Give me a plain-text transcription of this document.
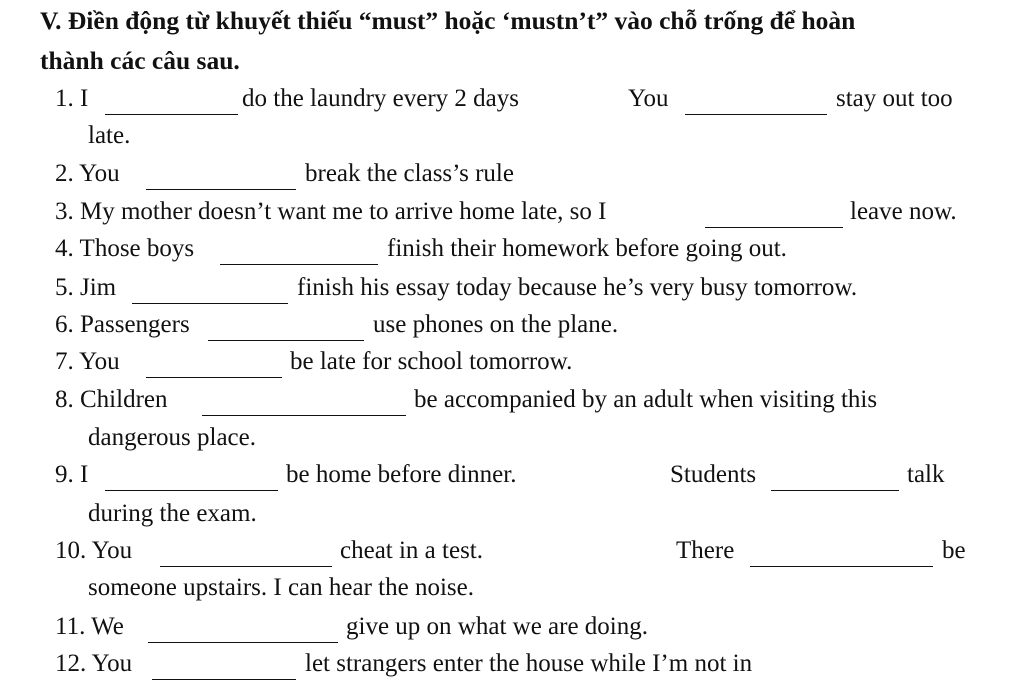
V. Điền động từ khuyết thiếu “must” hoặc ‘mustn’t” vào chỗ trống để hoàn
thành các câu sau.
1. I	do the laundry every 2 days	You	stay out too
late.
2. You	break the class’s rule
3. My mother doesn’t want me to arrive home late, so I	leave now.
4. Those boys	finish their homework before going out.
5. Jim	finish his essay today because he’s very busy tomorrow.
6. Passengers	use phones on the plane.
7. You	be late for school tomorrow.
8. Children	be accompanied by an adult when visiting this
dangerous place.
9. I	be home before dinner.	Students	talk
during the exam.
10. You	cheat in a test.	There	be
someone upstairs. I can hear the noise.
11. We	give up on what we are doing.
12. You	let strangers enter the house while I’m not in
